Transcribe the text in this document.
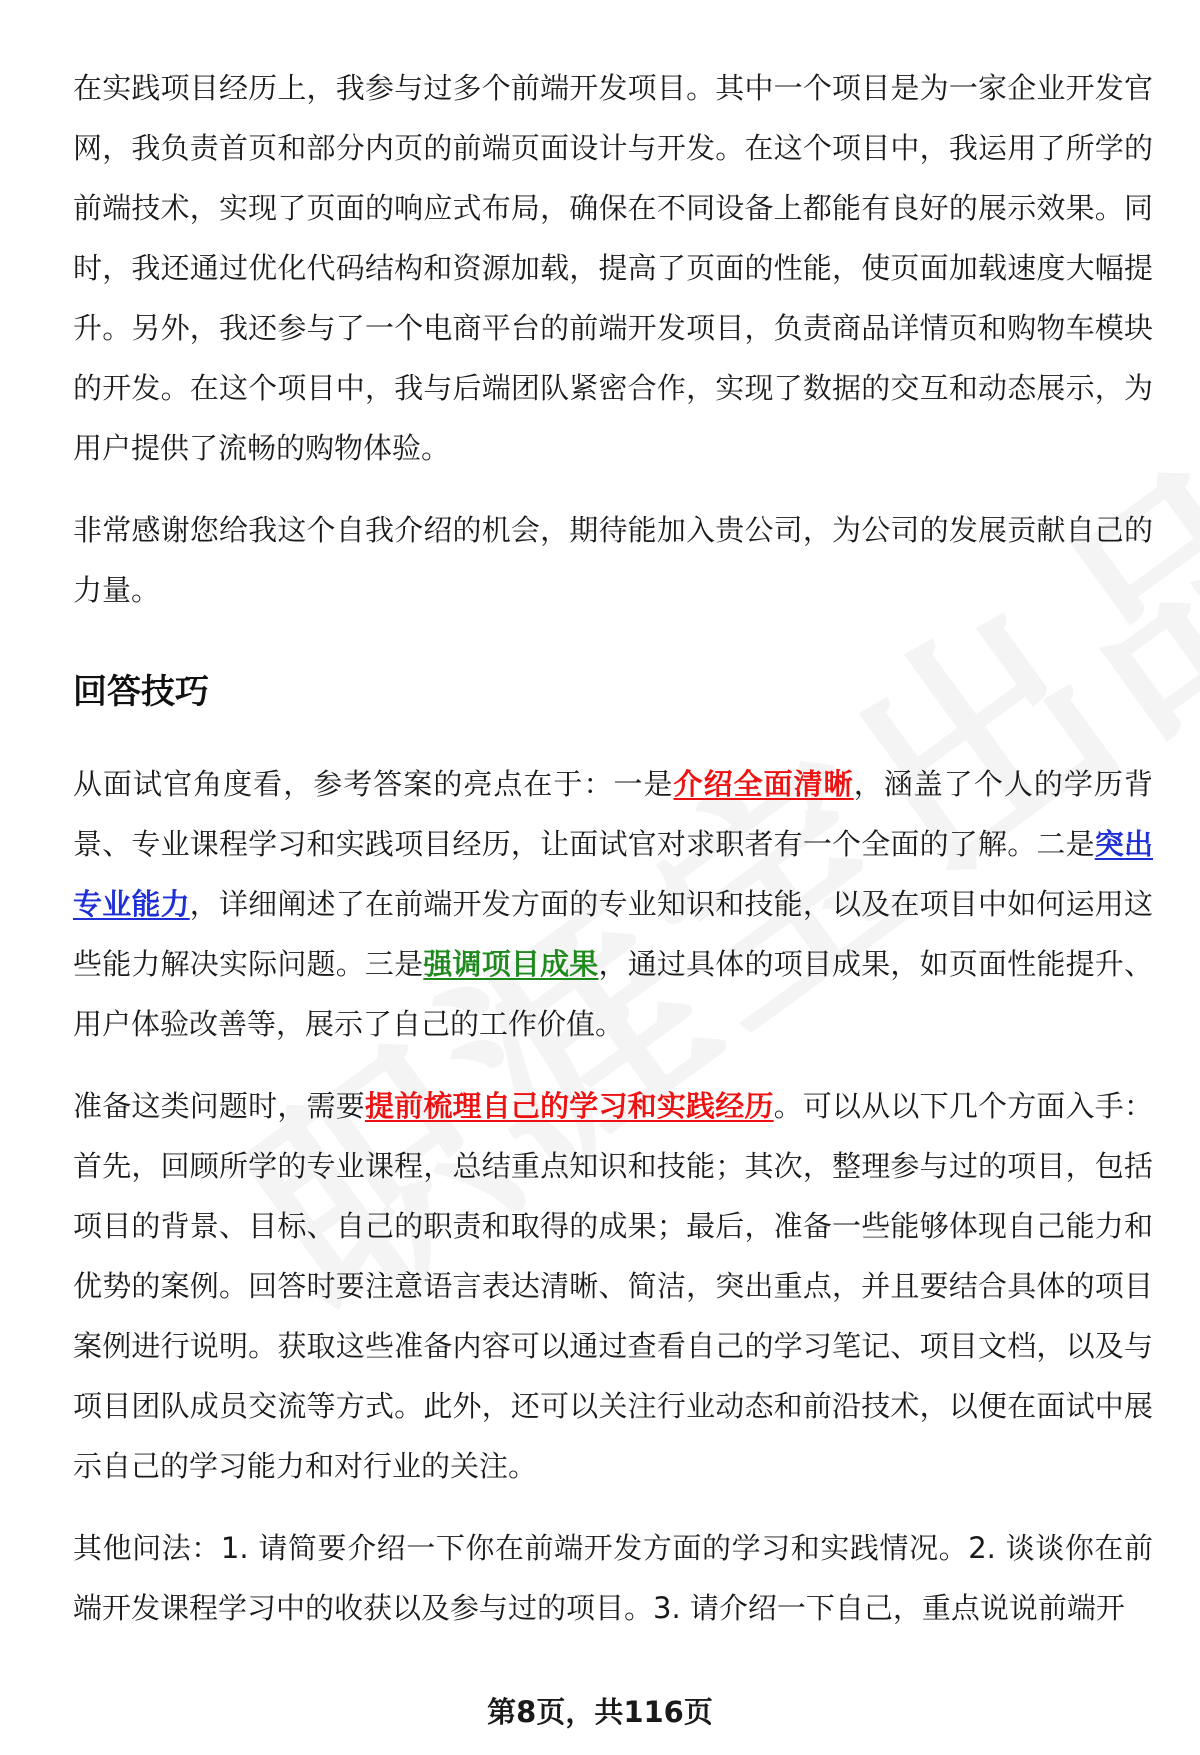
在实践项目经历上，我参与过多个前端开发项目。其中一个项目是为一家企业开发官网，我负责首页和部分内页的前端页面设计与开发。在这个项目中，我运用了所学的前端技术，实现了页面的响应式布局，确保在不同设备上都能有良好的展示效果。同时，我还通过优化代码结构和资源加载，提高了页面的性能，使页面加载速度大幅提升。另外，我还参与了一个电商平台的前端开发项目，负责商品详情页和购物车模块的开发。在这个项目中，我与后端团队紧密合作，实现了数据的交互和动态展示，为用户提供了流畅的购物体验。

非常感谢您给我这个自我介绍的机会，期待能加入贵公司，为公司的发展贡献自己的力量。

回答技巧

从面试官角度看，参考答案的亮点在于：一是介绍全面清晰，涵盖了个人的学历背景、专业课程学习和实践项目经历，让面试官对求职者有一个全面的了解。二是突出专业能力，详细阐述了在前端开发方面的专业知识和技能，以及在项目中如何运用这些能力解决实际问题。三是强调项目成果，通过具体的项目成果，如页面性能提升、用户体验改善等，展示了自己的工作价值。

准备这类问题时，需要提前梳理自己的学习和实践经历。可以从以下几个方面入手：首先，回顾所学的专业课程，总结重点知识和技能；其次，整理参与过的项目，包括项目的背景、目标、自己的职责和取得的成果；最后，准备一些能够体现自己能力和优势的案例。回答时要注意语言表达清晰、简洁，突出重点，并且要结合具体的项目案例进行说明。获取这些准备内容可以通过查看自己的学习笔记、项目文档，以及与项目团队成员交流等方式。此外，还可以关注行业动态和前沿技术，以便在面试中展示自己的学习能力和对行业的关注。

其他问法：1. 请简要介绍一下你在前端开发方面的学习和实践情况。2. 谈谈你在前端开发课程学习中的收获以及参与过的项目。3. 请介绍一下自己，重点说说前端开

第8页，共116页
